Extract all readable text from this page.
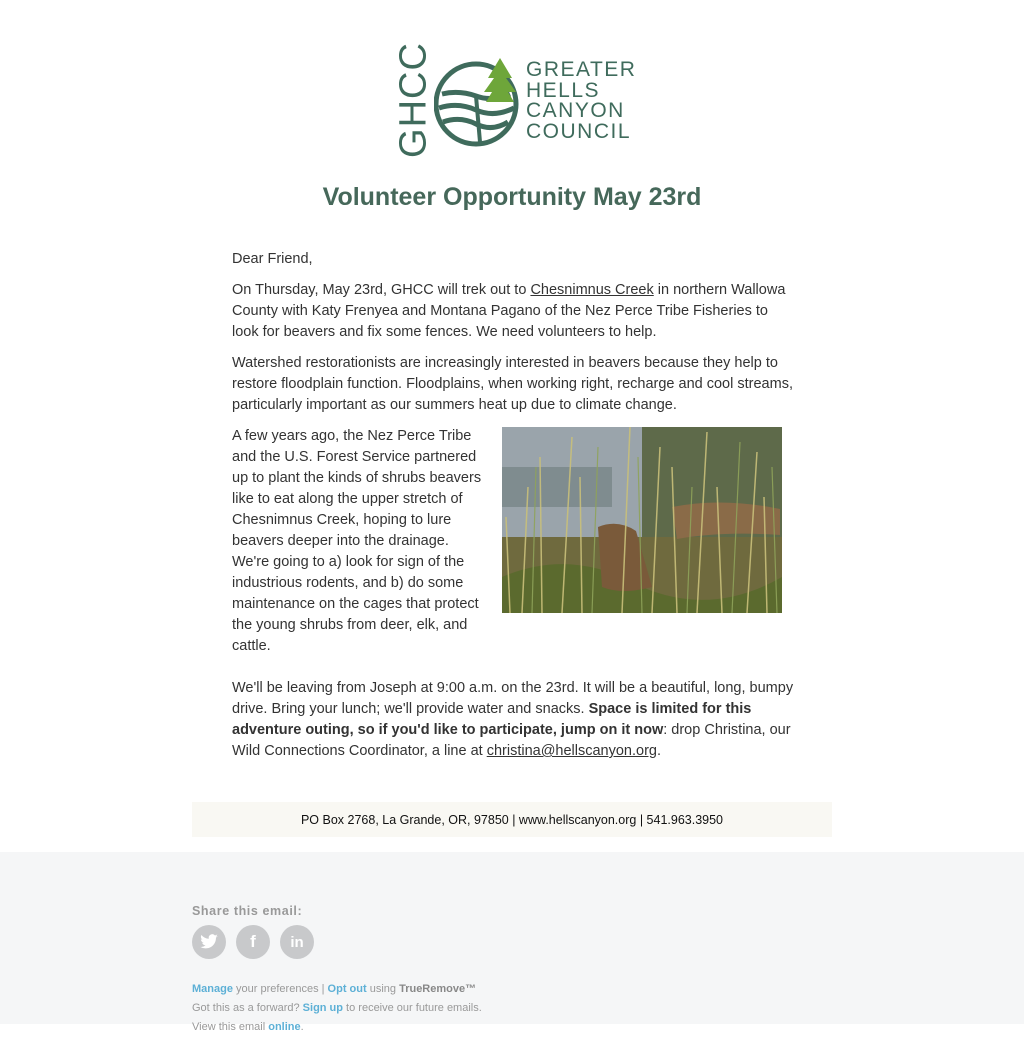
GHCC	GREATER
HELLS
CANYON
COUNCIL
Volunteer Opportunity May 23rd

Dear Friend,

On Thursday, May 23rd, GHCC will trek out to Chesnimnus Creek in northern Wallowa County with Katy Frenyea and Montana Pagano of the Nez Perce Tribe Fisheries to look for beavers and fix some fences. We need volunteers to help.

Watershed restorationists are increasingly interested in beavers because they help to restore floodplain function. Floodplains, when working right, recharge and cool streams, particularly important as our summers heat up due to climate change.

A few years ago, the Nez Perce Tribe and the U.S. Forest Service partnered up to plant the kinds of shrubs beavers like to eat along the upper stretch of Chesnimnus Creek, hoping to lure beavers deeper into the drainage. We're going to a) look for sign of the industrious rodents, and b) do some maintenance on the cages that protect the young shrubs from deer, elk, and cattle.

We'll be leaving from Joseph at 9:00 a.m. on the 23rd. It will be a beautiful, long, bumpy drive. Bring your lunch; we'll provide water and snacks. Space is limited for this adventure outing, so if you'd like to participate, jump on it now: drop Christina, our Wild Connections Coordinator, a line at christina@hellscanyon.org.

PO Box 2768, La Grande, OR, 97850 | www.hellscanyon.org | 541.963.3950
Share this email:
f in
Manage your preferences | Opt out using TrueRemove™
Got this as a forward? Sign up to receive our future emails.
View this email online.
